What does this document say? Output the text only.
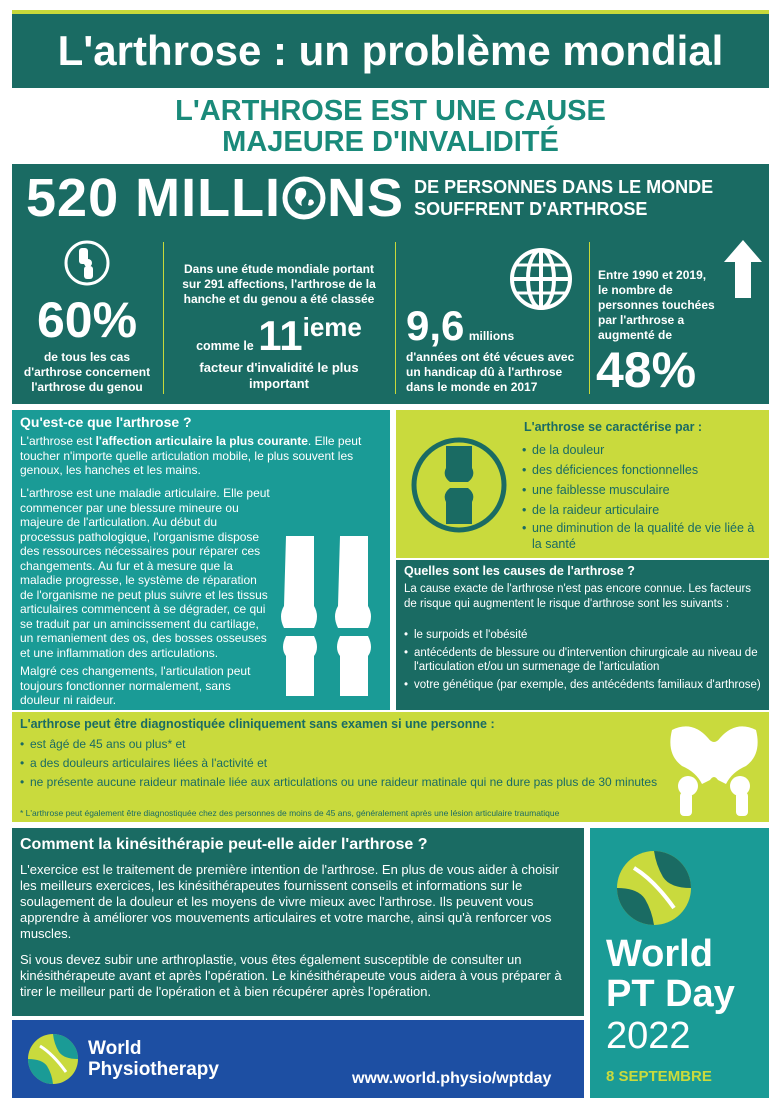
L'arthrose : un problème mondial
L'ARTHROSE EST UNE CAUSE
MAJEURE D'INVALIDITÉ
520 MILLI NS DE PERSONNES DANS LE MONDE
SOUFFRENT D'ARTHROSE
60%
de tous les cas
d'arthrose concernent
l'arthrose du genou
Dans une étude mondiale portant
sur 291 affections, l'arthrose de la
hanche et du genou a été classée
comme le 11ieme
facteur d'invalidité le plus
important
9,6 millions
d'années ont été vécues avec
un handicap dû à l'arthrose
dans le monde en 2017
Entre 1990 et 2019,
le nombre de
personnes touchées
par l'arthrose a
augmenté de
48%
Qu'est-ce que l'arthrose ?
L'arthrose est l'affection articulaire la plus courante. Elle peut toucher n'importe quelle articulation mobile, le plus souvent les genoux, les hanches et les mains.
L'arthrose est une maladie articulaire. Elle peut commencer par une blessure mineure ou majeure de l'articulation. Au début du processus pathologique, l'organisme dispose des ressources nécessaires pour réparer ces changements. Au fur et à mesure que la maladie progresse, le système de réparation de l'organisme ne peut plus suivre et les tissus articulaires commencent à se dégrader, ce qui se traduit par un amincissement du cartilage, un remaniement des os, des bosses osseuses et une inflammation des articulations.
Malgré ces changements, l'articulation peut toujours fonctionner normalement, sans douleur ni raideur.
L'arthrose se caractérise par :
• de la douleur
• des déficiences fonctionnelles
• une faiblesse musculaire
• de la raideur articulaire
• une diminution de la qualité de vie liée à la santé
Quelles sont les causes de l'arthrose ?
La cause exacte de l'arthrose n'est pas encore connue. Les facteurs de risque qui augmentent le risque d'arthrose sont les suivants :
• le surpoids et l'obésité
• antécédents de blessure ou d'intervention chirurgicale au niveau de l'articulation et/ou un surmenage de l'articulation
• votre génétique (par exemple, des antécédents familiaux d'arthrose)
L'arthrose peut être diagnostiquée cliniquement sans examen si une personne :
• est âgé de 45 ans ou plus* et
• a des douleurs articulaires liées à l'activité et
• ne présente aucune raideur matinale liée aux articulations ou une raideur matinale qui ne dure pas plus de 30 minutes
* L'arthrose peut également être diagnostiquée chez des personnes de moins de 45 ans, généralement après une lésion articulaire traumatique
Comment la kinésithérapie peut-elle aider l'arthrose ?
L'exercice est le traitement de première intention de l'arthrose. En plus de vous aider à choisir les meilleurs exercices, les kinésithérapeutes fournissent conseils et informations sur le soulagement de la douleur et les moyens de vivre mieux avec l'arthrose. Ils peuvent vous apprendre à améliorer vos mouvements articulaires et votre marche, ainsi qu'à renforcer vos muscles.
Si vous devez subir une arthroplastie, vous êtes également susceptible de consulter un kinésithérapeute avant et après l'opération. Le kinésithérapeute vous aidera à vous préparer à tirer le meilleur parti de l'opération et à bien récupérer après l'opération.
World
Physiotherapy	www.world.physio/wptday
World
PT Day
2022
8 SEPTEMBRE
